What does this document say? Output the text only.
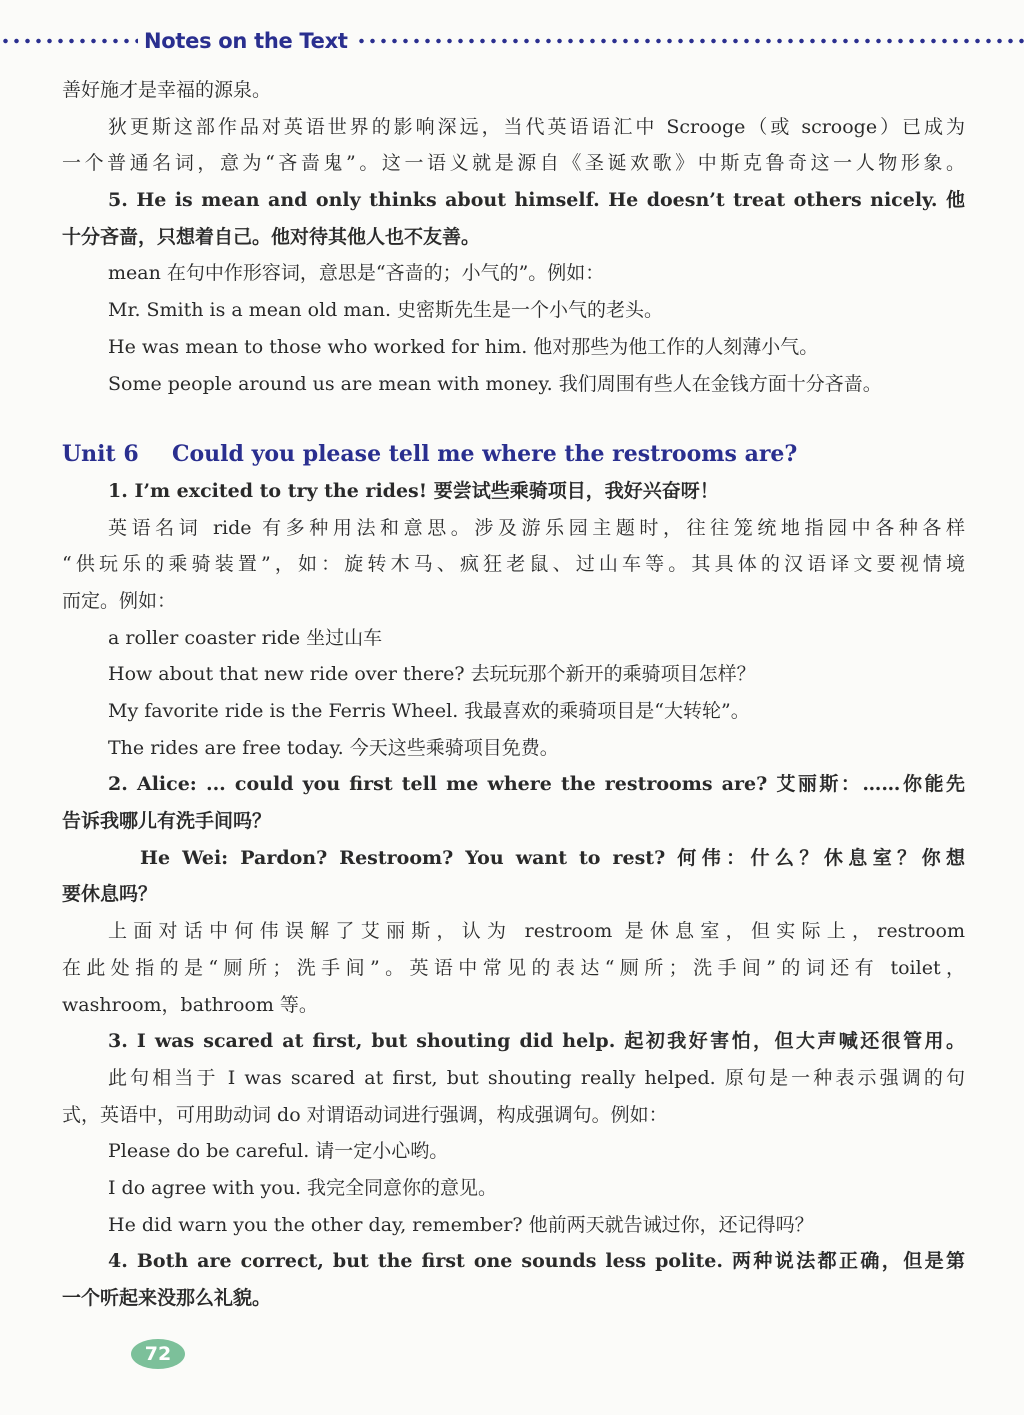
Notes on the Text
善好施才是幸福的源泉。
狄更斯这部作品对英语世界的影响深远，当代英语语汇中 Scrooge（或 scrooge）已成为
一个普通名词，意为“吝啬鬼”。这一语义就是源自《圣诞欢歌》中斯克鲁奇这一人物形象。
5. He is mean and only thinks about himself. He doesn’t treat others nicely. 他
十分吝啬，只想着自己。他对待其他人也不友善。
mean 在句中作形容词，意思是“吝啬的；小气的”。例如：
Mr. Smith is a mean old man. 史密斯先生是一个小气的老头。
He was mean to those who worked for him. 他对那些为他工作的人刻薄小气。
Some people around us are mean with money. 我们周围有些人在金钱方面十分吝啬。
Unit 6 Could you please tell me where the restrooms are?
1. I’m excited to try the rides! 要尝试些乘骑项目，我好兴奋呀！
英语名词 ride 有多种用法和意思。涉及游乐园主题时，往往笼统地指园中各种各样
“供玩乐的乘骑装置”，如：旋转木马、疯狂老鼠、过山车等。其具体的汉语译文要视情境
而定。例如：
a roller coaster ride 坐过山车
How about that new ride over there? 去玩玩那个新开的乘骑项目怎样？
My favorite ride is the Ferris Wheel. 我最喜欢的乘骑项目是“大转轮”。
The rides are free today. 今天这些乘骑项目免费。
2. Alice: ... could you first tell me where the restrooms are? 艾丽斯：……你能先
告诉我哪儿有洗手间吗？
He Wei: Pardon? Restroom? You want to rest? 何伟：什么？休息室？你想
要休息吗？
上面对话中何伟误解了艾丽斯，认为 restroom 是休息室，但实际上，restroom
在此处指的是“厕所；洗手间”。英语中常见的表达“厕所；洗手间”的词还有 toilet，
washroom，bathroom 等。
3. I was scared at first, but shouting did help. 起初我好害怕，但大声喊还很管用。
此句相当于 I was scared at first, but shouting really helped. 原句是一种表示强调的句
式，英语中，可用助动词 do 对谓语动词进行强调，构成强调句。例如：
Please do be careful. 请一定小心哟。
I do agree with you. 我完全同意你的意见。
He did warn you the other day, remember? 他前两天就告诫过你，还记得吗？
4. Both are correct, but the first one sounds less polite. 两种说法都正确，但是第
一个听起来没那么礼貌。
72
